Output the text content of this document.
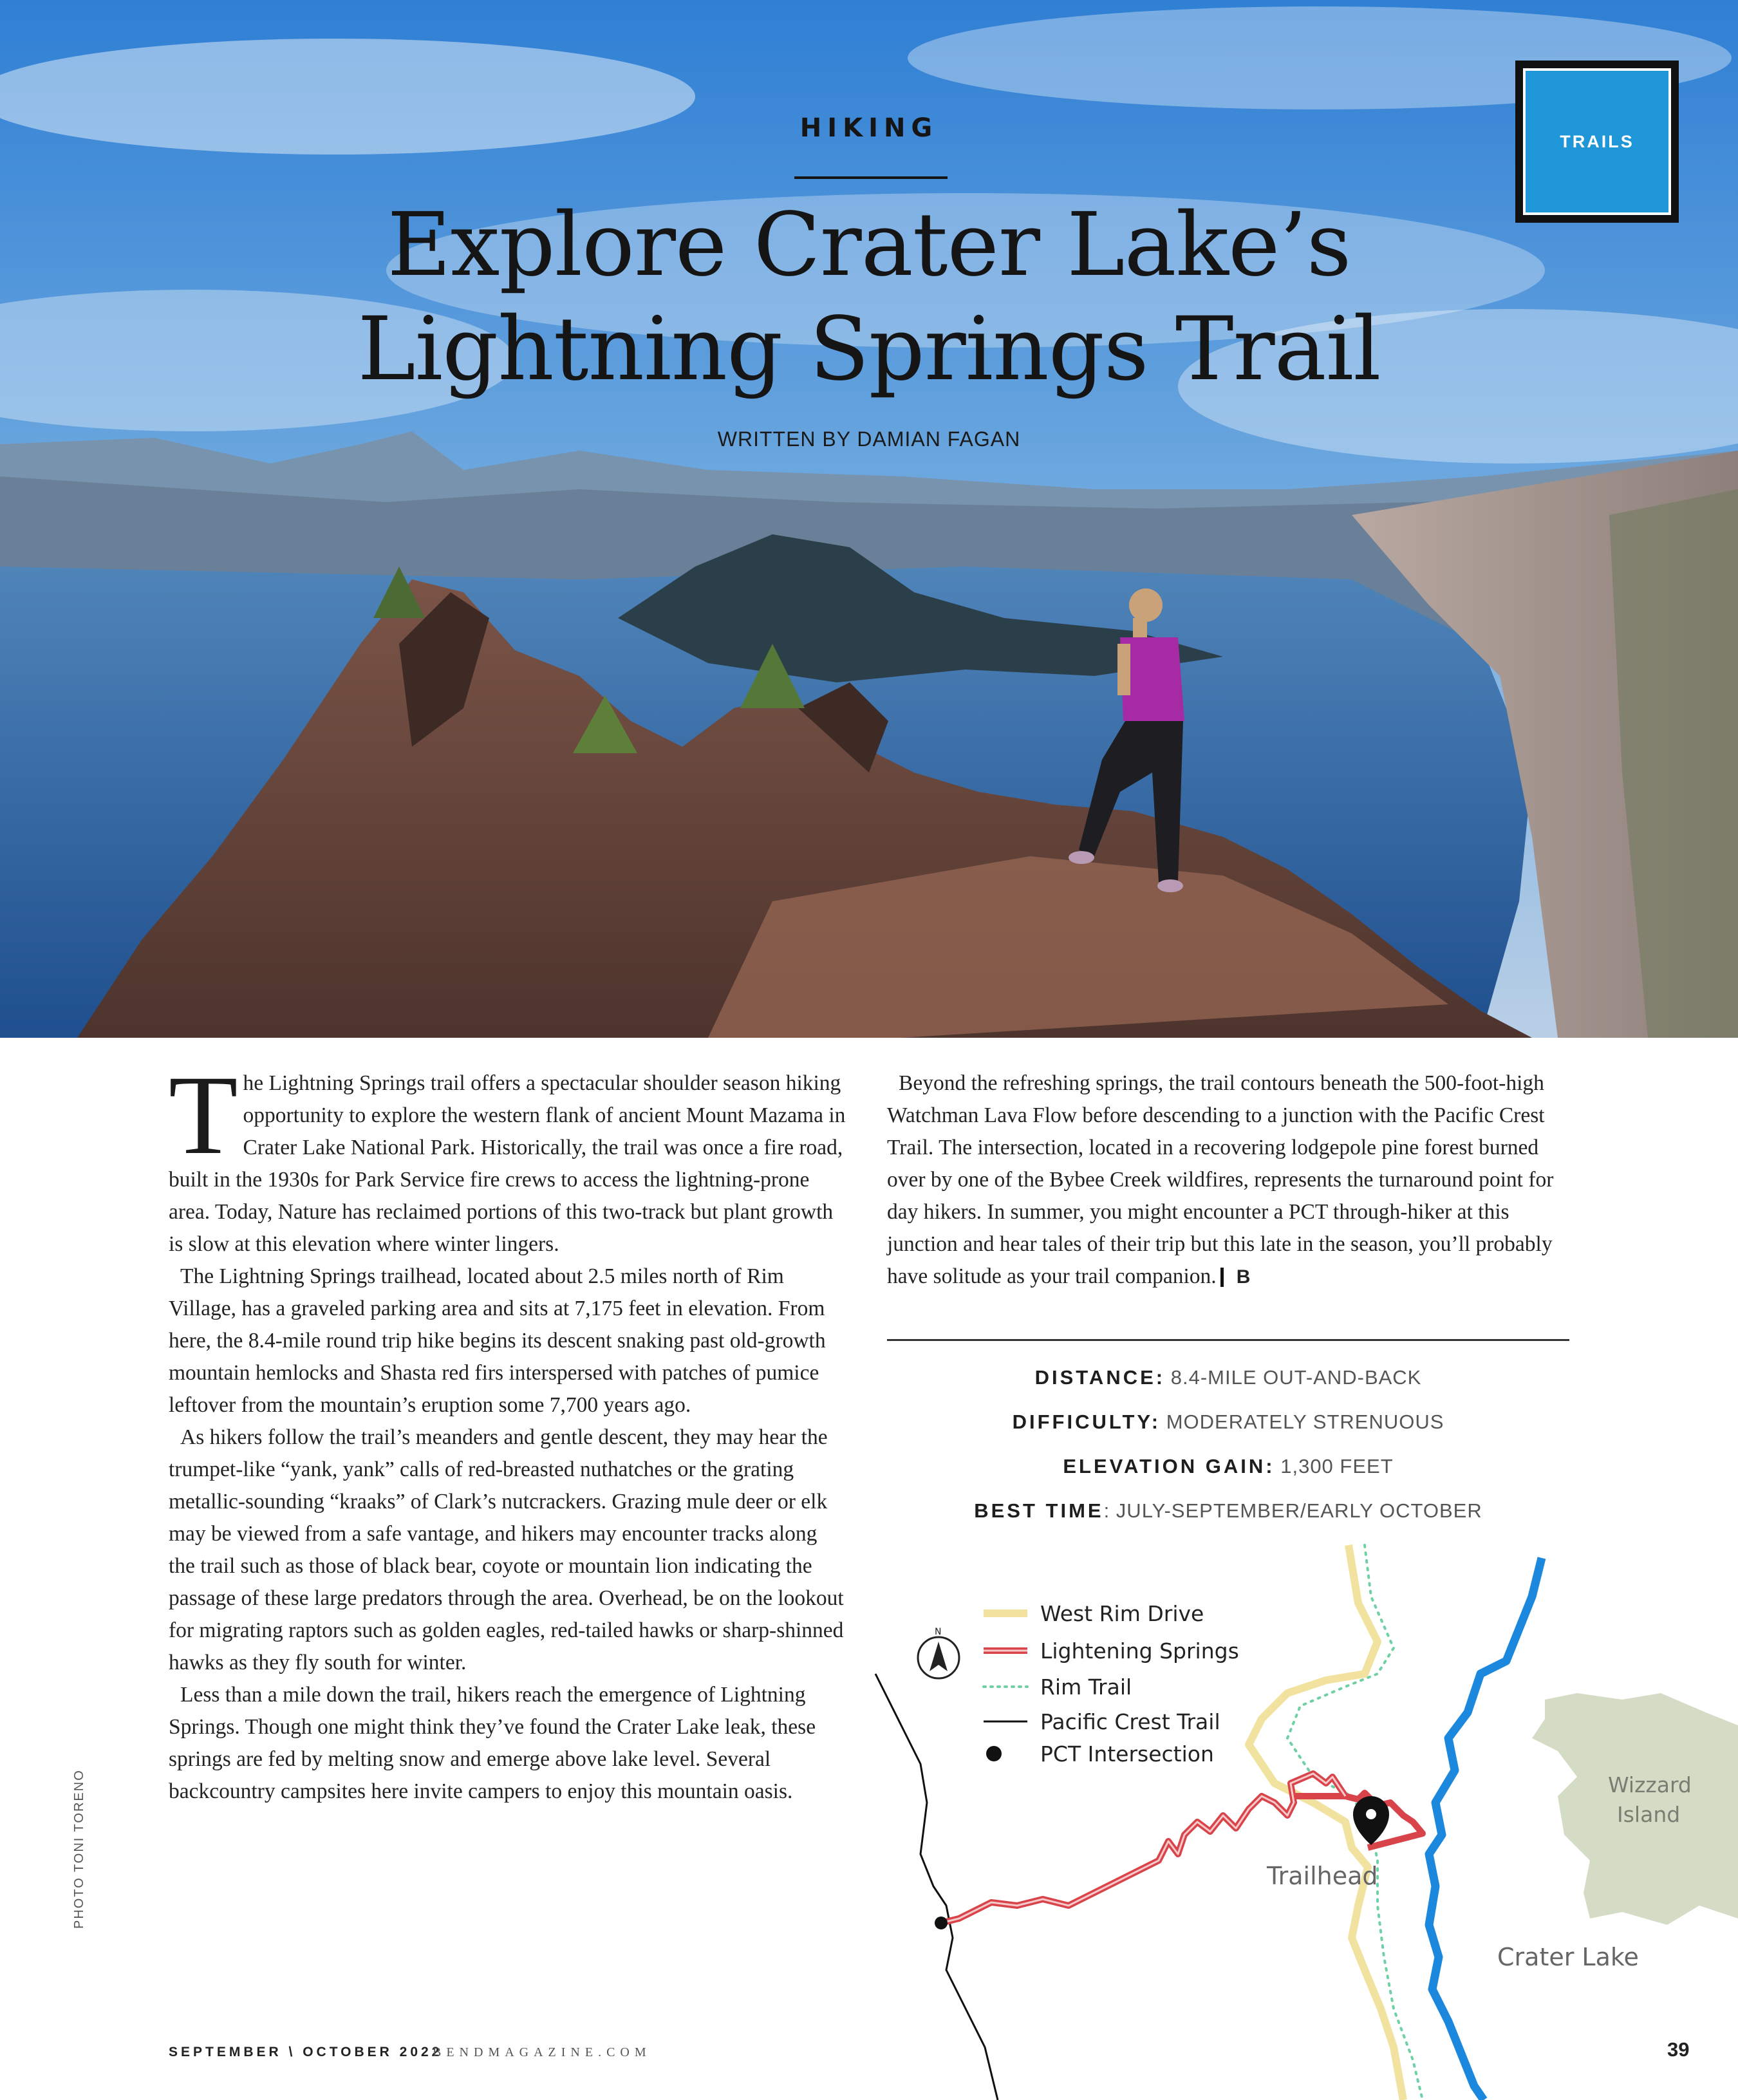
HIKING
Explore Crater Lake’s
Lightning Springs Trail
WRITTEN BY DAMIAN FAGAN
TRAILS

The Lightning Springs trail offers a spectacular shoulder season hiking opportunity to explore the western flank of ancient Mount Mazama in Crater Lake National Park. Historically, the trail was once a fire road, built in the 1930s for Park Service fire crews to access the lightning-prone area. Today, Nature has reclaimed portions of this two-track but plant growth is slow at this elevation where winter lingers.

The Lightning Springs trailhead, located about 2.5 miles north of Rim Village, has a graveled parking area and sits at 7,175 feet in elevation. From here, the 8.4-mile round trip hike begins its descent snaking past old-growth mountain hemlocks and Shasta red firs interspersed with patches of pumice leftover from the mountain’s eruption some 7,700 years ago.

As hikers follow the trail’s meanders and gentle descent, they may hear the trumpet-like “yank, yank” calls of red-breasted nuthatches or the grating metallic-sounding “kraaks” of Clark’s nutcrackers. Grazing mule deer or elk may be viewed from a safe vantage, and hikers may encounter tracks along the trail such as those of black bear, coyote or mountain lion indicating the passage of these large predators through the area. Overhead, be on the lookout for migrating raptors such as golden eagles, red-tailed hawks or sharp-shinned hawks as they fly south for winter.

Less than a mile down the trail, hikers reach the emergence of Lightning Springs. Though one might think they’ve found the Crater Lake leak, these springs are fed by melting snow and emerge above lake level. Several backcountry campsites here invite campers to enjoy this mountain oasis.

Beyond the refreshing springs, the trail contours beneath the 500-foot-high Watchman Lava Flow before descending to a junction with the Pacific Crest Trail. The intersection, located in a recovering lodgepole pine forest burned over by one of the Bybee Creek wildfires, represents the turnaround point for day hikers. In summer, you might encounter a PCT through-hiker at this junction and hear tales of their trip but this late in the season, you’ll probably have solitude as your trail companion. B

DISTANCE: 8.4-MILE OUT-AND-BACK
DIFFICULTY: MODERATELY STRENUOUS
ELEVATION GAIN: 1,300 FEET
BEST TIME: JULY-SEPTEMBER/EARLY OCTOBER
Trailhead
Wizzard
Island
Crater Lake
N
West Rim Drive
Lightening Springs
Rim Trail
Pacific Crest Trail
PCT Intersection
PHOTO TONI TORENO
SEPTEMBER \ OCTOBER 2022
BENDMAGAZINE.COM	39
